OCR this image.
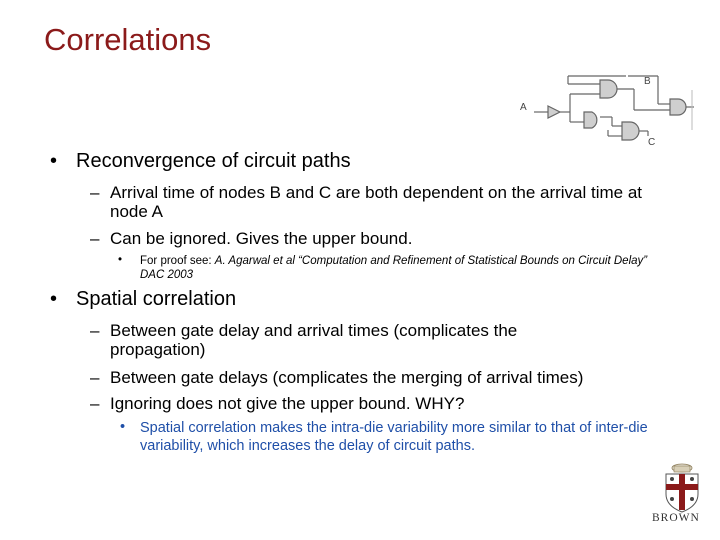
Correlations
A
B
C
• Reconvergence of circuit paths
– Arrival time of nodes B and C are both dependent on the arrival time at node A
– Can be ignored. Gives the upper bound.
• For proof see: A. Agarwal et al “Computation and Refinement of Statistical Bounds on Circuit Delay” DAC 2003
• Spatial correlation
– Between gate delay and arrival times (complicates the propagation)
– Between gate delays (complicates the merging of arrival times)
– Ignoring does not give the upper bound. WHY?
• Spatial correlation makes the intra-die variability more similar to that of inter-die variability, which increases the delay of circuit paths.
BROWN
